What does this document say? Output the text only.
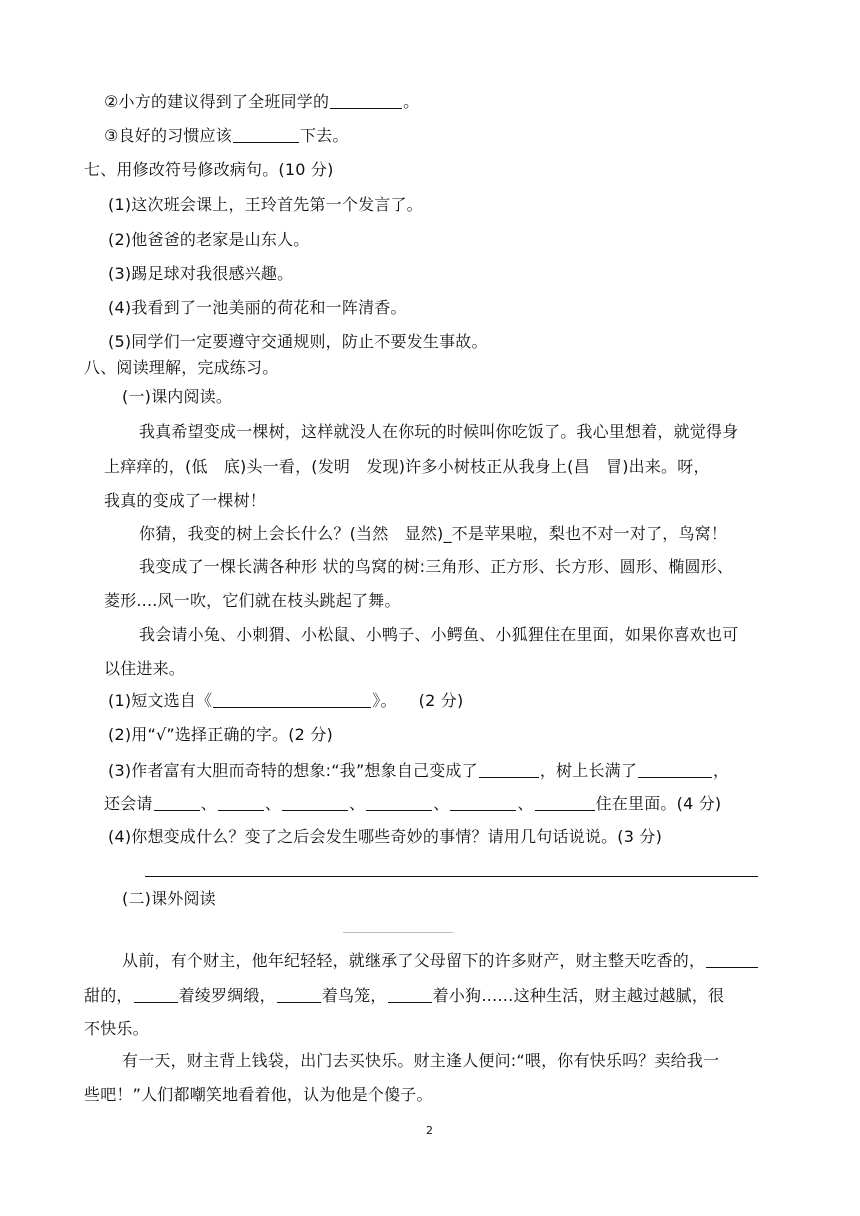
②小方的建议得到了全班同学的	。
③良好的习惯应该	下去。
七、用修改符号修改病句。(10 分)
(1)这次班会课上，王玲首先第一个发言了。
(2)他爸爸的老家是山东人。
(3)踢足球对我很感兴趣。
(4)我看到了一池美丽的荷花和一阵清香。
(5)同学们一定要遵守交通规则，防止不要发生事故。
八、阅读理解，完成练习。
(一)课内阅读。
我真希望变成一棵树，这样就没人在你玩的时候叫你吃饭了。我心里想着，就觉得身
上痒痒的，(低　底)头一看，(发明　发现)许多小树枝正从我身上(昌　冒)出来。呀，
我真的变成了一棵树！
你猜，我变的树上会长什么？(当然　显然)_不是苹果啦，梨也不对一对了，鸟窝！
我变成了一棵长满各种形 状的鸟窝的树:三角形、正方形、长方形、圆形、椭圆形、
菱形....风一吹，它们就在枝头跳起了舞。
我会请小兔、小刺猬、小松鼠、小鸭子、小鳄鱼、小狐狸住在里面，如果你喜欢也可
以住进来。
(1)短文选自《	》。 (2 分)
(2)用“√”选择正确的字。(2 分)
(3)作者富有大胆而奇特的想象:“我”想象自己变成了	，树上长满了	，
还会请	、	、	、	、	、	住在里面。(4 分)
(4)你想变成什么？变了之后会发生哪些奇妙的事情？请用几句话说说。(3 分)
(二)课外阅读
从前，有个财主，他年纪轻轻，就继承了父母留下的许多财产，财主整天吃香的，
甜的，	着绫罗绸缎，	着鸟笼，	着小狗……这种生活，财主越过越腻，很
不快乐。
有一天，财主背上钱袋，出门去买快乐。财主逢人便问:“喂，你有快乐吗？卖给我一
些吧！”人们都嘲笑地看着他，认为他是个傻子。
2
